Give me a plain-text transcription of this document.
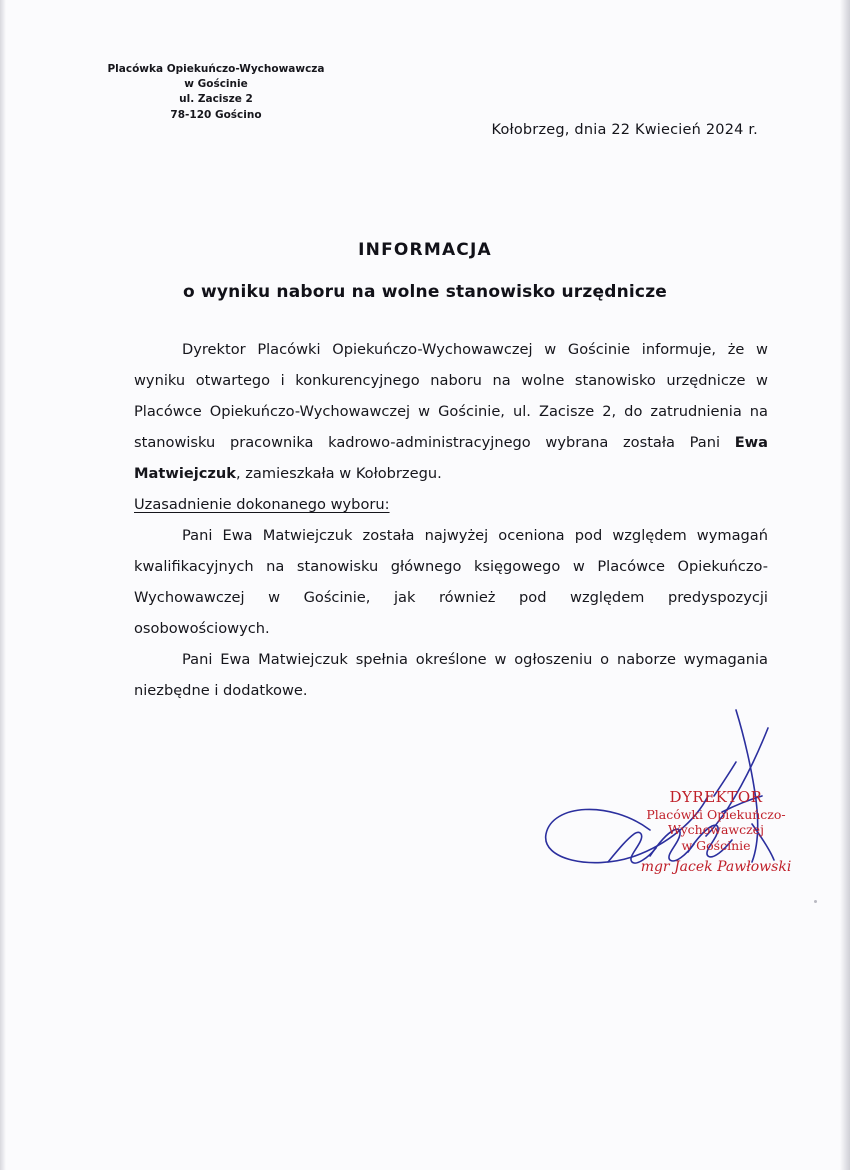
Placówka Opiekuńczo-Wychowawcza
w Gościnie
ul. Zacisze 2
78-120 Gościno
Kołobrzeg, dnia 22 Kwiecień 2024 r.
INFORMACJA
o wyniku naboru na wolne stanowisko urzędnicze

Dyrektor Placówki Opiekuńczo-Wychowawczej w Gościnie informuje, że w wyniku otwartego i konkurencyjnego naboru na wolne stanowisko urzędnicze w Placówce Opiekuńczo-Wychowawczej w Gościnie, ul. Zacisze 2, do zatrudnienia na stanowisku pracownika kadrowo-administracyjnego wybrana została Pani Ewa Matwiejczuk, zamieszkała w Kołobrzegu.

Uzasadnienie dokonanego wyboru:

Pani Ewa Matwiejczuk została najwyżej oceniona pod względem wymagań kwalifikacyjnych na stanowisku głównego księgowego w Placówce Opiekuńczo-Wychowawczej w Gościnie, jak również pod względem predyspozycji osobowościowych.

Pani Ewa Matwiejczuk spełnia określone w ogłoszeniu o naborze wymagania niezbędne i dodatkowe.

DYREKTOR
Placówki Opiekuńczo-Wychowawczej
w Gościnie
mgr Jacek Pawłowski
